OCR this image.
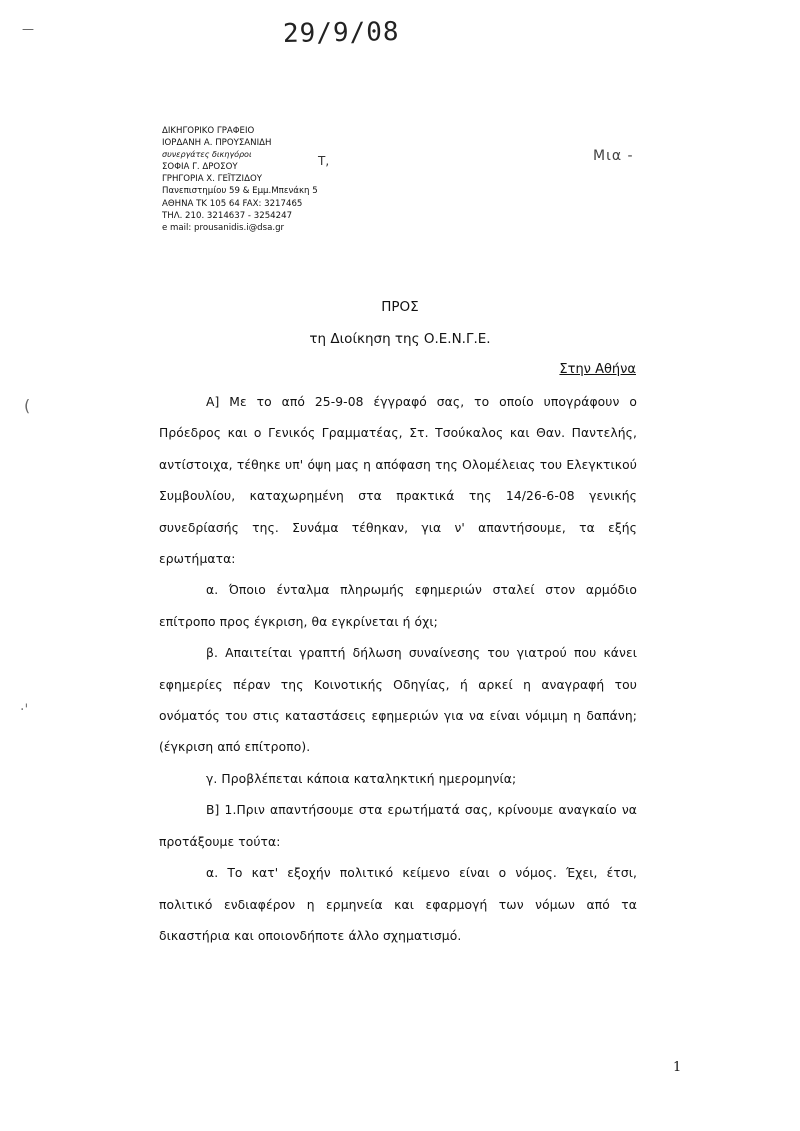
29/9/08
—
ΔΙΚΗΓΟΡΙΚΟ ΓΡΑΦΕΙΟ
ΙΟΡΔΑΝΗ Α. ΠΡΟΥΣΑΝΙΔΗ
συνεργάτες δικηγόροι
ΣΟΦΙΑ Γ. ΔΡΟΣΟΥ
ΓΡΗΓΟΡΙΑ Χ. ΓΕΪΤΖΙΔΟΥ
Πανεπιστημίου 59 & Εμμ.Μπενάκη 5
ΑΘΗΝΑ ΤΚ 105 64 FAX: 3217465
ΤΗΛ. 210. 3214637 - 3254247
e mail: prousanidis.i@dsa.gr
Τ,	Μια -
(
·'
ΠΡΟΣ
τη Διοίκηση της Ο.Ε.Ν.Γ.Ε.
Στην Αθήνα

Α] Με το από 25-9-08 έγγραφό σας, το οποίο υπογράφουν ο Πρόεδρος και ο Γενικός Γραμματέας, Στ. Τσούκαλος και Θαν. Παντελής, αντίστοιχα, τέθηκε υπ' όψη μας η απόφαση της Ολομέλειας του Ελεγκτικού Συμβουλίου, καταχωρημένη στα πρακτικά της 14/26-6-08 γενικής συνεδρίασής της. Συνάμα τέθηκαν, για ν' απαντήσουμε, τα εξής ερωτήματα:

α. Όποιο ένταλμα πληρωμής εφημεριών σταλεί στον αρμόδιο επίτροπο προς έγκριση, θα εγκρίνεται ή όχι;

β. Απαιτείται γραπτή δήλωση συναίνεσης του γιατρού που κάνει εφημερίες πέραν της Κοινοτικής Οδηγίας, ή αρκεί η αναγραφή του ονόματός του στις καταστάσεις εφημεριών για να είναι νόμιμη η δαπάνη; (έγκριση από επίτροπο).

γ. Προβλέπεται κάποια καταληκτική ημερομηνία;

Β] 1.Πριν απαντήσουμε στα ερωτήματά σας, κρίνουμε αναγκαίο να προτάξουμε τούτα:

α. Το κατ' εξοχήν πολιτικό κείμενο είναι ο νόμος. Έχει, έτσι, πολιτικό ενδιαφέρον η ερμηνεία και εφαρμογή των νόμων από τα δικαστήρια και οποιονδήποτε άλλο σχηματισμό.

1
